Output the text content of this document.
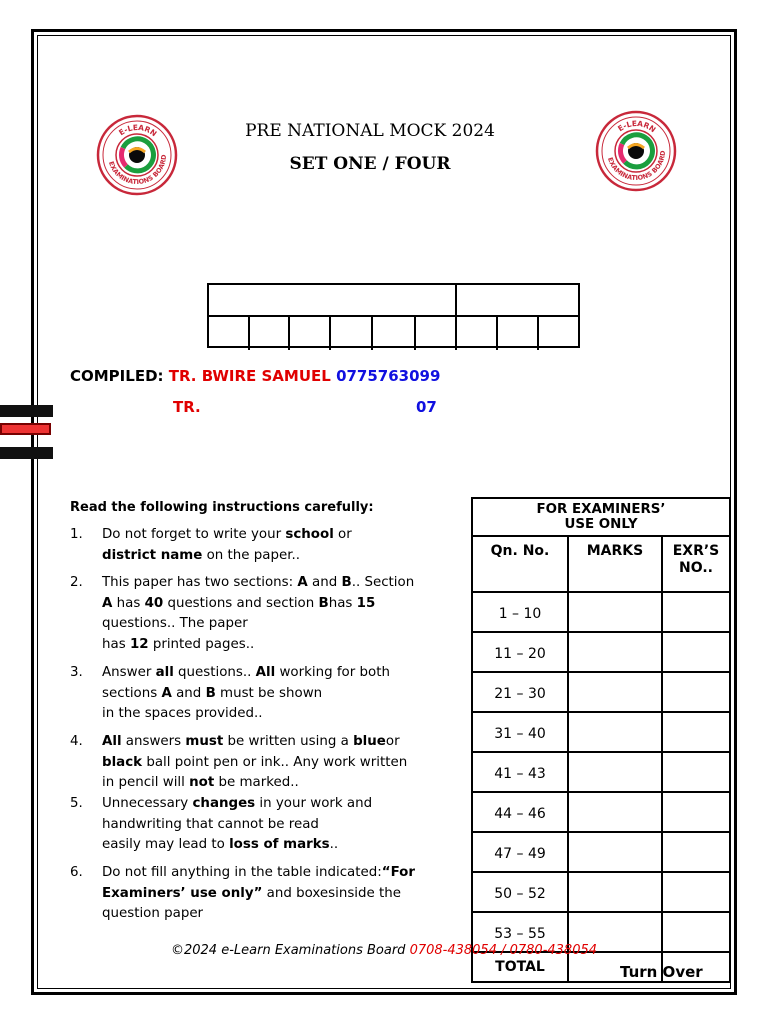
E-LEARN
EXAMINATIONS BOARD
E-LEARN
EXAMINATIONS BOARD
PRE NATIONAL MOCK 2024
SET ONE / FOUR
COMPILED: TR. BWIRE SAMUEL 0775763099
TR.	07
Read the following instructions carefully:
1. Do not forget to write your school or
district name on the paper..
2. This paper has two sections: A and B.. Section
A has 40 questions and section Bhas 15
questions.. The paper
has 12 printed pages..
3. Answer all questions.. All working for both
sections A and B must be shown
in the spaces provided..
4. All answers must be written using a blueor
black ball point pen or ink.. Any work written
in pencil will not be marked..
5. Unnecessary changes in your work and
handwriting that cannot be read
easily may lead to loss of marks..
6. Do not fill anything in the table indicated:“For
Examiners’ use only” and boxesinside the
question paper
FOR EXAMINERS’
USE ONLY		

Qn. No.	MARKS	EXR’S
NO..

1 – 10		
11 – 20		
21 – 30		
31 – 40		
41 – 43		
44 – 46		
47 – 49		
50 – 52		
53 – 55		
TOTAL		
©2024 e-Learn Examinations Board 0708-438054 / 0780-438054
Turn Over
